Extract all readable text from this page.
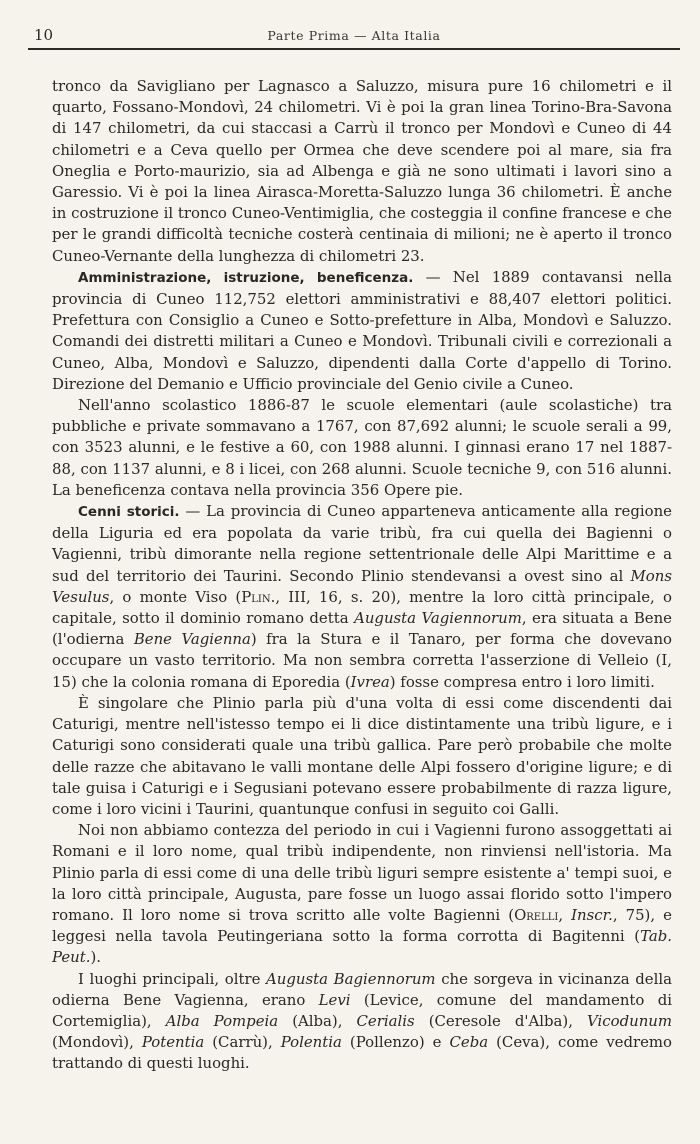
10	Parte Prima — Alta Italia

tronco da Savigliano per Lagnasco a Saluzzo, misura pure 16 chilometri e il quarto, Fossano-Mondovì, 24 chilometri. Vi è poi la gran linea Torino-Bra-Savona di 147 chilometri, da cui staccasi a Carrù il tronco per Mondovì e Cuneo di 44 chilometri e a Ceva quello per Ormea che deve scendere poi al mare, sia fra Oneglia e Porto-maurizio, sia ad Albenga e già ne sono ultimati i lavori sino a Garessio. Vi è poi la linea Airasca-Moretta-Saluzzo lunga 36 chilometri. È anche in costruzione il tronco Cuneo-Ventimiglia, che costeggia il confine francese e che per le grandi difficoltà tecniche costerà centinaia di milioni; ne è aperto il tronco Cuneo-Vernante della lunghezza di chilometri 23.

Amministrazione, istruzione, beneficenza. — Nel 1889 contavansi nella provincia di Cuneo 112,752 elettori amministrativi e 88,407 elettori politici. Prefettura con Consiglio a Cuneo e Sotto-prefetture in Alba, Mondovì e Saluzzo. Comandi dei distretti militari a Cuneo e Mondovì. Tribunali civili e correzionali a Cuneo, Alba, Mondovì e Saluzzo, dipendenti dalla Corte d'appello di Torino. Direzione del Demanio e Ufficio provinciale del Genio civile a Cuneo.

Nell'anno scolastico 1886-87 le scuole elementari (aule scolastiche) tra pubbliche e private sommavano a 1767, con 87,692 alunni; le scuole serali a 99, con 3523 alunni, e le festive a 60, con 1988 alunni. I ginnasi erano 17 nel 1887-88, con 1137 alunni, e 8 i licei, con 268 alunni. Scuole tecniche 9, con 516 alunni. La beneficenza contava nella provincia 356 Opere pie.

Cenni storici. — La provincia di Cuneo apparteneva anticamente alla regione della Liguria ed era popolata da varie tribù, fra cui quella dei Bagienni o Vagienni, tribù dimorante nella regione settentrionale delle Alpi Marittime e a sud del territorio dei Taurini. Secondo Plinio stendevansi a ovest sino al Mons Vesulus, o monte Viso (Plin., III, 16, s. 20), mentre la loro città principale, o capitale, sotto il dominio romano detta Augusta Vagiennorum, era situata a Bene (l'odierna Bene Vagienna) fra la Stura e il Tanaro, per forma che dovevano occupare un vasto territorio. Ma non sembra corretta l'asserzione di Velleio (I, 15) che la colonia romana di Eporedia (Ivrea) fosse compresa entro i loro limiti.

È singolare che Plinio parla più d'una volta di essi come discendenti dai Caturigi, mentre nell'istesso tempo ei li dice distintamente una tribù ligure, e i Caturigi sono considerati quale una tribù gallica. Pare però probabile che molte delle razze che abitavano le valli montane delle Alpi fossero d'origine ligure; e di tale guisa i Caturigi e i Segusiani potevano essere probabilmente di razza ligure, come i loro vicini i Taurini, quantunque confusi in seguito coi Galli.

Noi non abbiamo contezza del periodo in cui i Vagienni furono assoggettati ai Romani e il loro nome, qual tribù indipendente, non rinviensi nell'istoria. Ma Plinio parla di essi come di una delle tribù liguri sempre esistente a' tempi suoi, e la loro città principale, Augusta, pare fosse un luogo assai florido sotto l'impero romano. Il loro nome si trova scritto alle volte Bagienni (Orelli, Inscr., 75), e leggesi nella tavola Peutingeriana sotto la forma corrotta di Bagitenni (Tab. Peut.).

I luoghi principali, oltre Augusta Bagiennorum che sorgeva in vicinanza della odierna Bene Vagienna, erano Levi (Levice, comune del mandamento di Cortemiglia), Alba Pompeia (Alba), Cerialis (Ceresole d'Alba), Vicodunum (Mondovì), Potentia (Carrù), Polentia (Pollenzo) e Ceba (Ceva), come vedremo trattando di questi luoghi.
